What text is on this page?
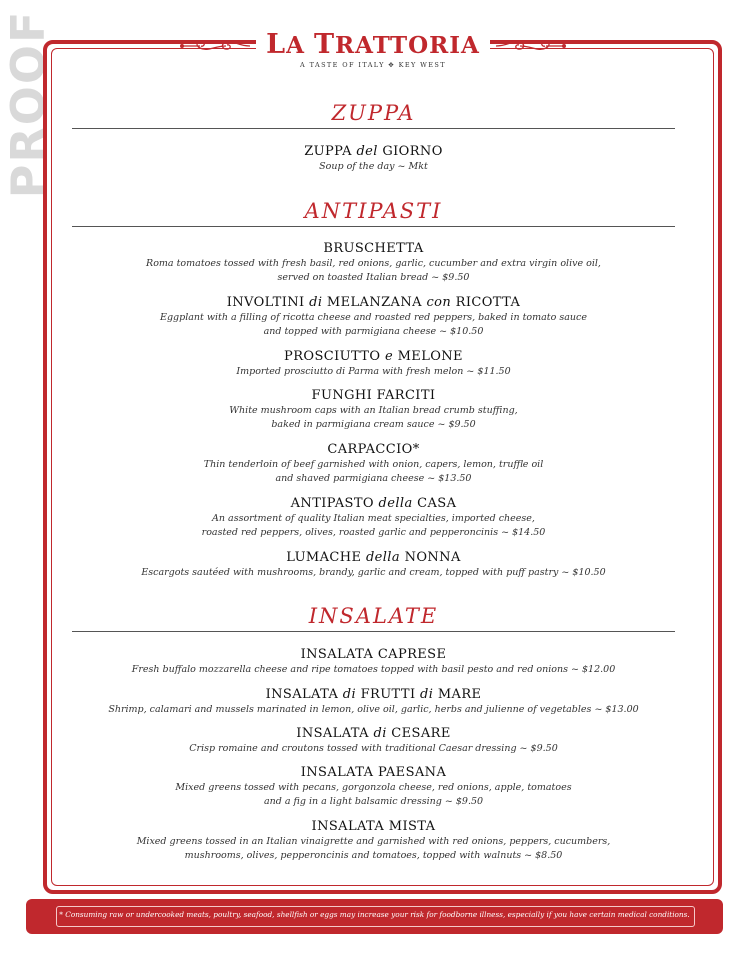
PROOF	LA TRATTORIA
A TASTE OF ITALY ✥ KEY WEST
ZUPPA
ZUPPA del GIORNO
Soup of the day ~ Mkt
ANTIPASTI
BRUSCHETTA
Roma tomatoes tossed with fresh basil, red onions, garlic, cucumber and extra virgin olive oil,
served on toasted Italian bread ~ $9.50
INVOLTINI di MELANZANA con RICOTTA
Eggplant with a filling of ricotta cheese and roasted red peppers, baked in tomato sauce
and topped with parmigiana cheese ~ $10.50
PROSCIUTTO e MELONE
Imported prosciutto di Parma with fresh melon ~ $11.50
FUNGHI FARCITI
White mushroom caps with an Italian bread crumb stuffing,
baked in parmigiana cream sauce ~ $9.50
CARPACCIO*
Thin tenderloin of beef garnished with onion, capers, lemon, truffle oil
and shaved parmigiana cheese ~ $13.50
ANTIPASTO della CASA
An assortment of quality Italian meat specialties, imported cheese,
roasted red peppers, olives, roasted garlic and pepperoncinis ~ $14.50
LUMACHE della NONNA
Escargots sautéed with mushrooms, brandy, garlic and cream, topped with puff pastry ~ $10.50
INSALATE
INSALATA CAPRESE
Fresh buffalo mozzarella cheese and ripe tomatoes topped with basil pesto and red onions ~ $12.00
INSALATA di FRUTTI di MARE
Shrimp, calamari and mussels marinated in lemon, olive oil, garlic, herbs and julienne of vegetables ~ $13.00
INSALATA di CESARE
Crisp romaine and croutons tossed with traditional Caesar dressing ~ $9.50
INSALATA PAESANA
Mixed greens tossed with pecans, gorgonzola cheese, red onions, apple, tomatoes
and a fig in a light balsamic dressing ~ $9.50
INSALATA MISTA
Mixed greens tossed in an Italian vinaigrette and garnished with red onions, peppers, cucumbers,
mushrooms, olives, pepperoncinis and tomatoes, topped with walnuts ~ $8.50
* Consuming raw or undercooked meats, poultry, seafood, shellfish or eggs may increase your risk for foodborne illness, especially if you have certain medical conditions.
